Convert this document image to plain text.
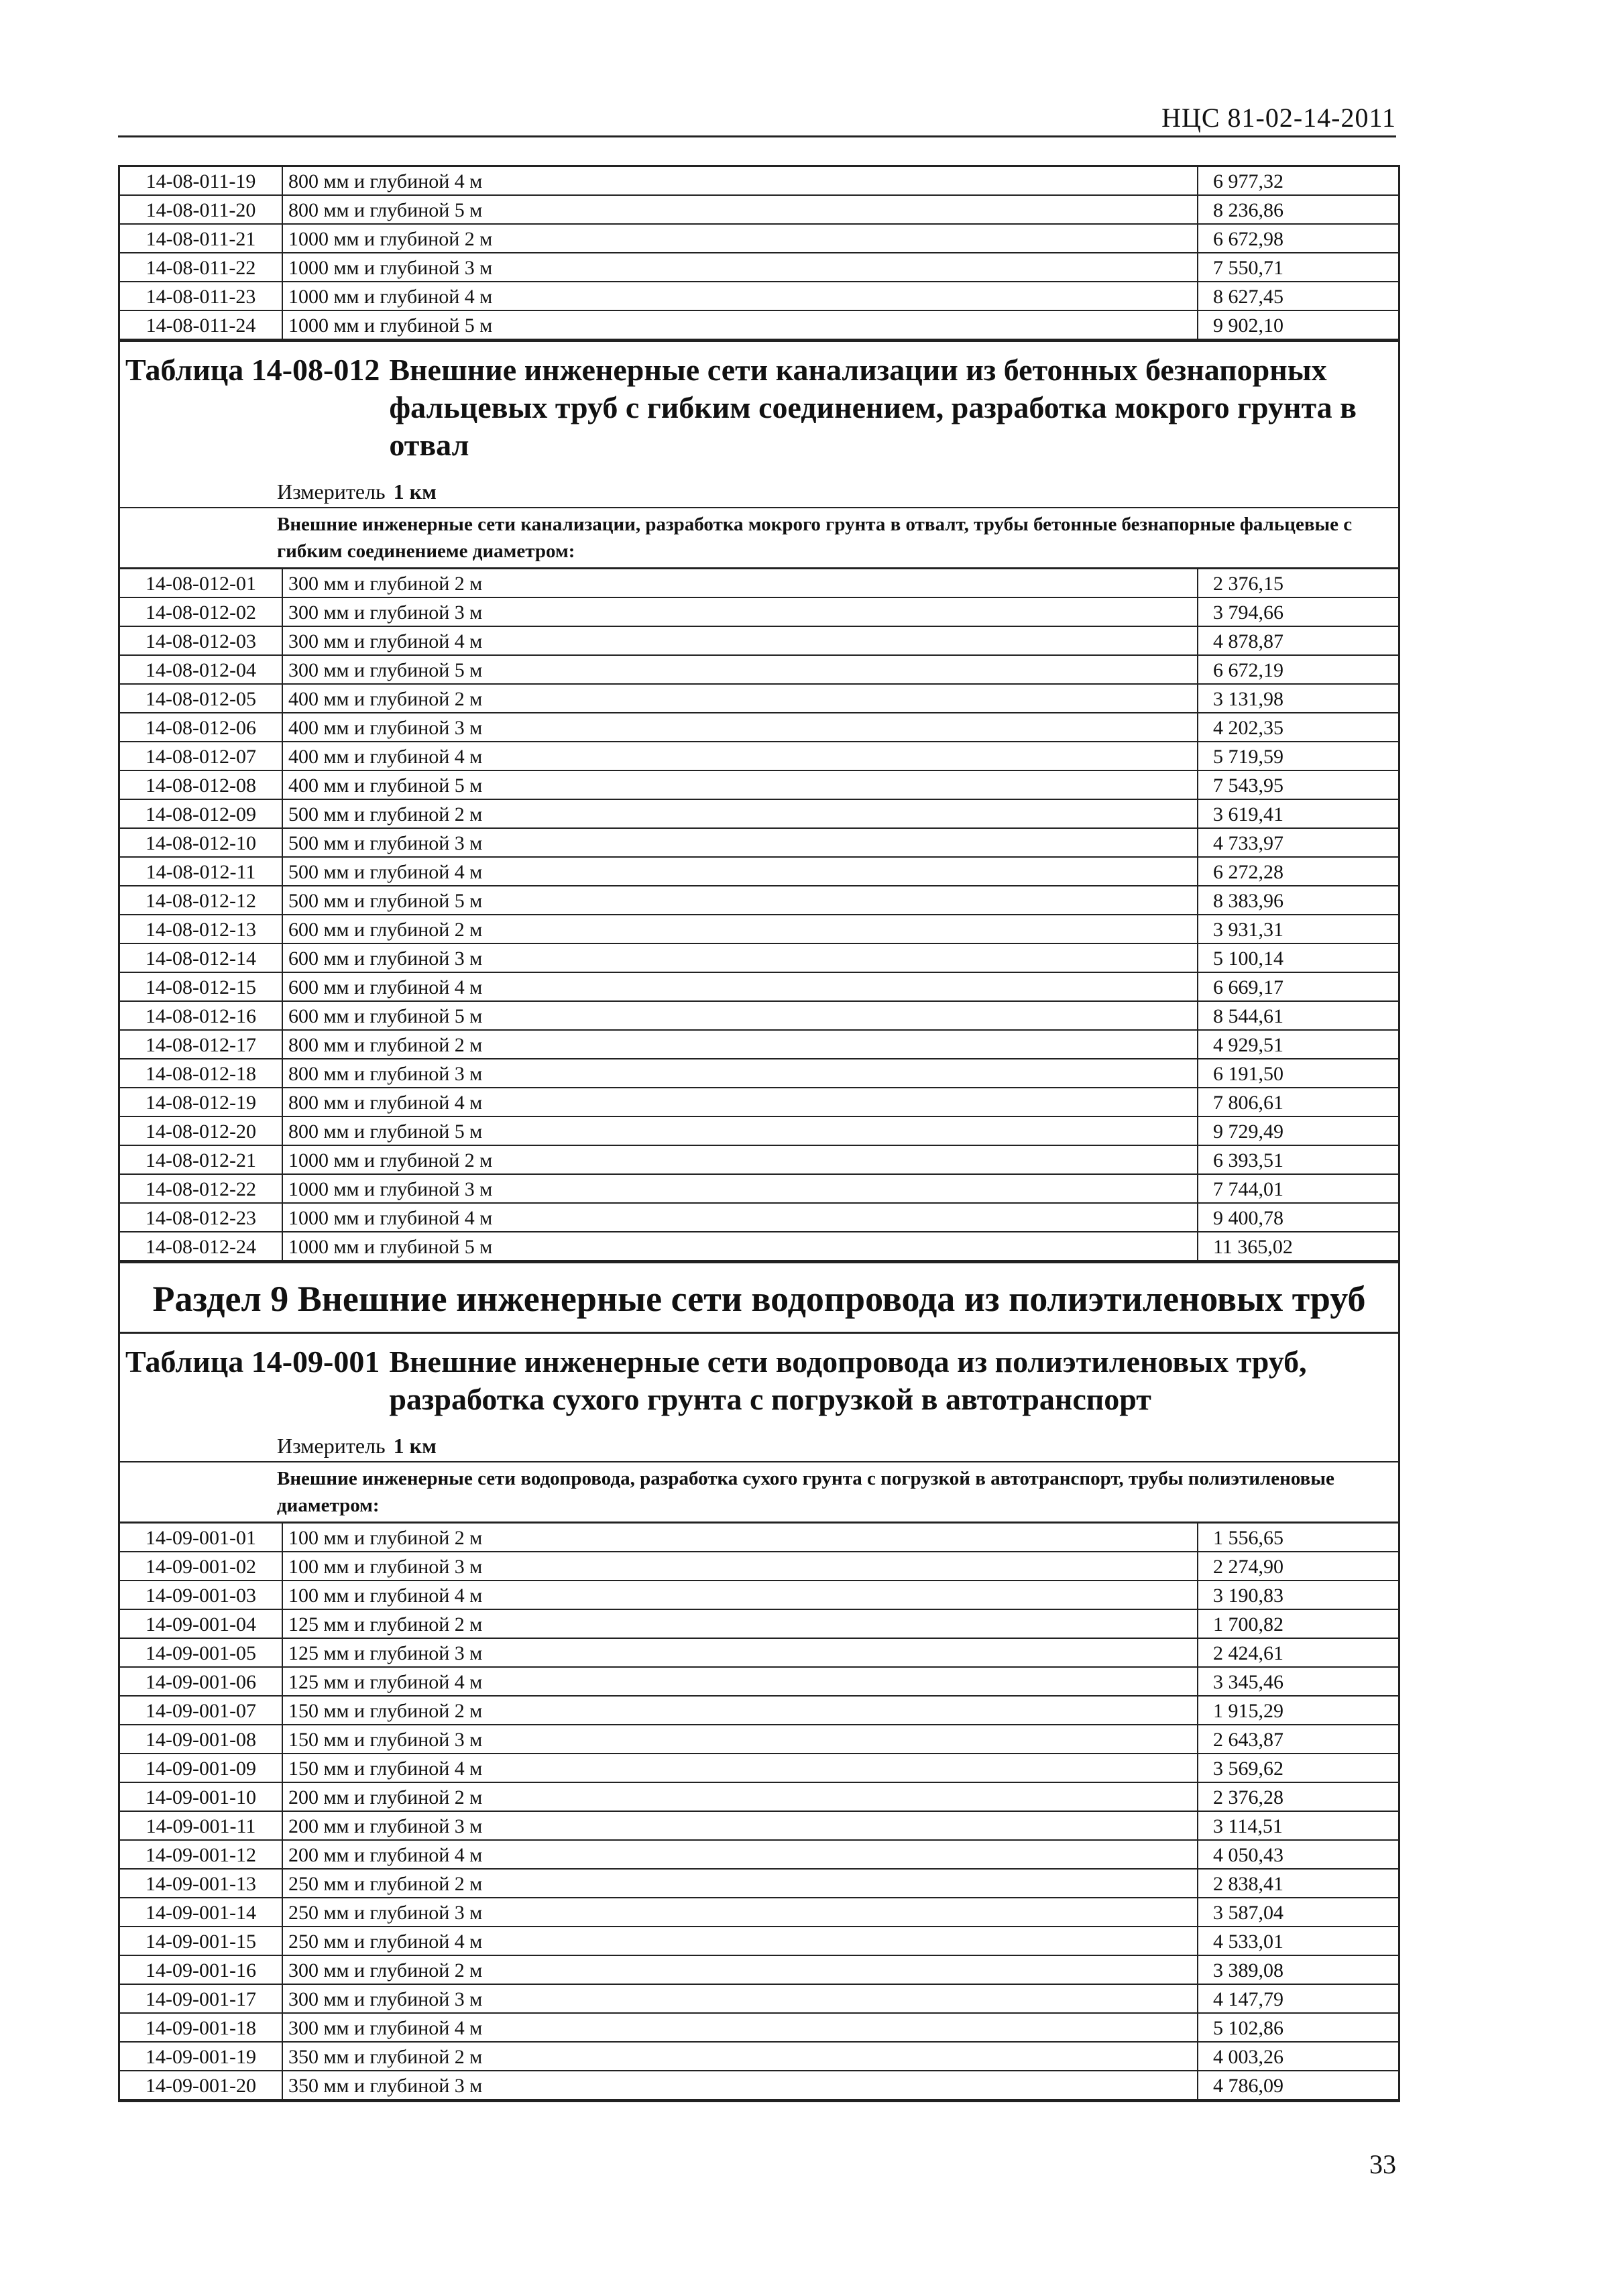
НЦС 81-02-14-2011
14-08-011-19	800 мм и глубиной 4 м	6 977,32
14-08-011-20	800 мм и глубиной 5 м	8 236,86
14-08-011-21	1000 мм и глубиной 2 м	6 672,98
14-08-011-22	1000 мм и глубиной 3 м	7 550,71
14-08-011-23	1000 мм и глубиной 4 м	8 627,45
14-08-011-24	1000 мм и глубиной 5 м	9 902,10
Таблица 14-08-012 Внешние инженерные сети канализации из бетонных безнапорных фальцевых труб с гибким соединением, разработка мокрого грунта в отвал
Измеритель 1 км
Внешние инженерные сети канализации, разработка мокрого грунта в отвалт, трубы бетонные безнапорные фальцевые с гибким соединениеме диаметром:
14-08-012-01	300 мм и глубиной 2 м	2 376,15
14-08-012-02	300 мм и глубиной 3 м	3 794,66
14-08-012-03	300 мм и глубиной 4 м	4 878,87
14-08-012-04	300 мм и глубиной 5 м	6 672,19
14-08-012-05	400 мм и глубиной 2 м	3 131,98
14-08-012-06	400 мм и глубиной 3 м	4 202,35
14-08-012-07	400 мм и глубиной 4 м	5 719,59
14-08-012-08	400 мм и глубиной 5 м	7 543,95
14-08-012-09	500 мм и глубиной 2 м	3 619,41
14-08-012-10	500 мм и глубиной 3 м	4 733,97
14-08-012-11	500 мм и глубиной 4 м	6 272,28
14-08-012-12	500 мм и глубиной 5 м	8 383,96
14-08-012-13	600 мм и глубиной 2 м	3 931,31
14-08-012-14	600 мм и глубиной 3 м	5 100,14
14-08-012-15	600 мм и глубиной 4 м	6 669,17
14-08-012-16	600 мм и глубиной 5 м	8 544,61
14-08-012-17	800 мм и глубиной 2 м	4 929,51
14-08-012-18	800 мм и глубиной 3 м	6 191,50
14-08-012-19	800 мм и глубиной 4 м	7 806,61
14-08-012-20	800 мм и глубиной 5 м	9 729,49
14-08-012-21	1000 мм и глубиной 2 м	6 393,51
14-08-012-22	1000 мм и глубиной 3 м	7 744,01
14-08-012-23	1000 мм и глубиной 4 м	9 400,78
14-08-012-24	1000 мм и глубиной 5 м	11 365,02
Раздел 9 Внешние инженерные сети водопровода из полиэтиленовых труб
Таблица 14-09-001 Внешние инженерные сети водопровода из полиэтиленовых труб, разработка сухого грунта с погрузкой в автотранспорт
Измеритель 1 км
Внешние инженерные сети водопровода, разработка сухого грунта с погрузкой в автотранспорт, трубы полиэтиленовые диаметром:
14-09-001-01	100 мм и глубиной 2 м	1 556,65
14-09-001-02	100 мм и глубиной 3 м	2 274,90
14-09-001-03	100 мм и глубиной 4 м	3 190,83
14-09-001-04	125 мм и глубиной 2 м	1 700,82
14-09-001-05	125 мм и глубиной 3 м	2 424,61
14-09-001-06	125 мм и глубиной 4 м	3 345,46
14-09-001-07	150 мм и глубиной 2 м	1 915,29
14-09-001-08	150 мм и глубиной 3 м	2 643,87
14-09-001-09	150 мм и глубиной 4 м	3 569,62
14-09-001-10	200 мм и глубиной 2 м	2 376,28
14-09-001-11	200 мм и глубиной 3 м	3 114,51
14-09-001-12	200 мм и глубиной 4 м	4 050,43
14-09-001-13	250 мм и глубиной 2 м	2 838,41
14-09-001-14	250 мм и глубиной 3 м	3 587,04
14-09-001-15	250 мм и глубиной 4 м	4 533,01
14-09-001-16	300 мм и глубиной 2 м	3 389,08
14-09-001-17	300 мм и глубиной 3 м	4 147,79
14-09-001-18	300 мм и глубиной 4 м	5 102,86
14-09-001-19	350 мм и глубиной 2 м	4 003,26
14-09-001-20	350 мм и глубиной 3 м	4 786,09
33
